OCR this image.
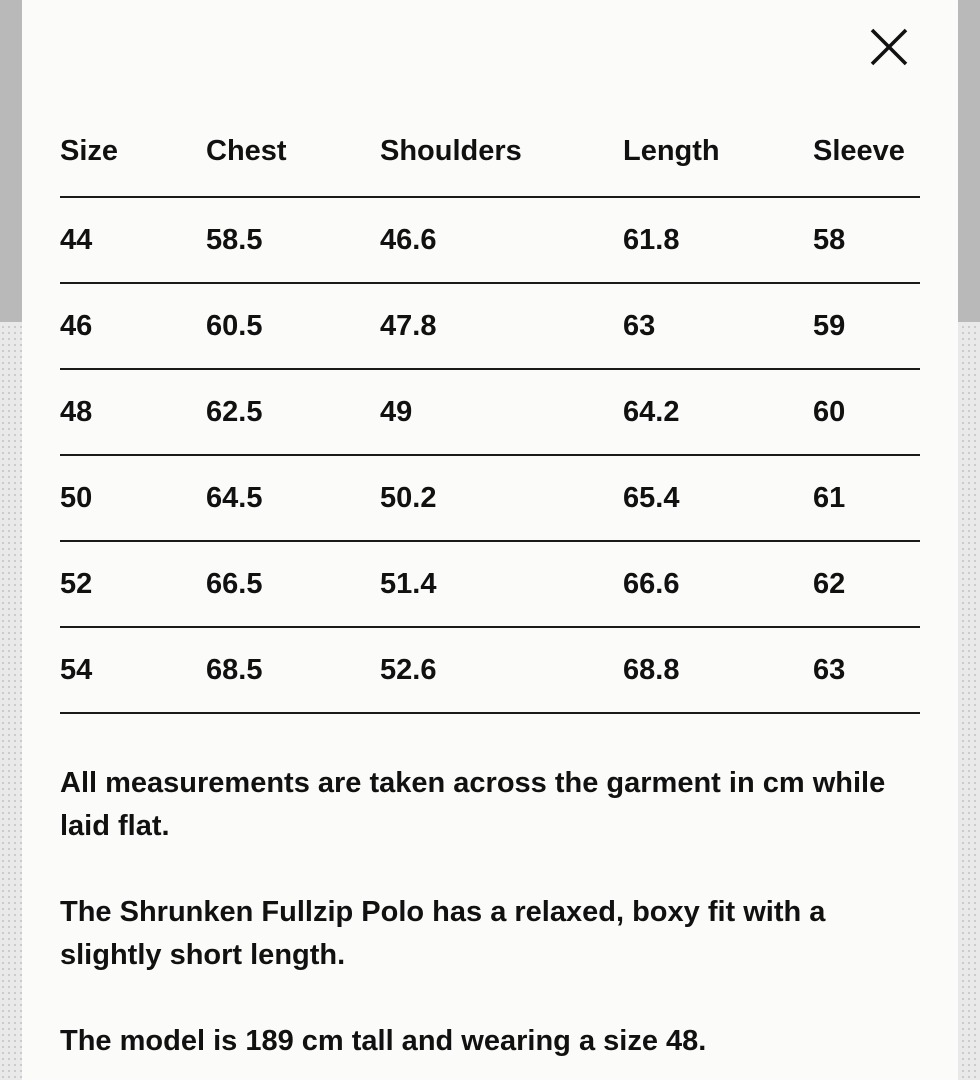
Size	Chest	Shoulders	Length	Sleeve
44	58.5	46.6	61.8	58
46	60.5	47.8	63	59
48	62.5	49	64.2	60
50	64.5	50.2	65.4	61
52	66.5	51.4	66.6	62
54	68.5	52.6	68.8	63

All measurements are taken across the garment in cm while laid flat.

The Shrunken Fullzip Polo has a relaxed, boxy fit with a slightly short length.

The model is 189 cm tall and wearing a size 48.
